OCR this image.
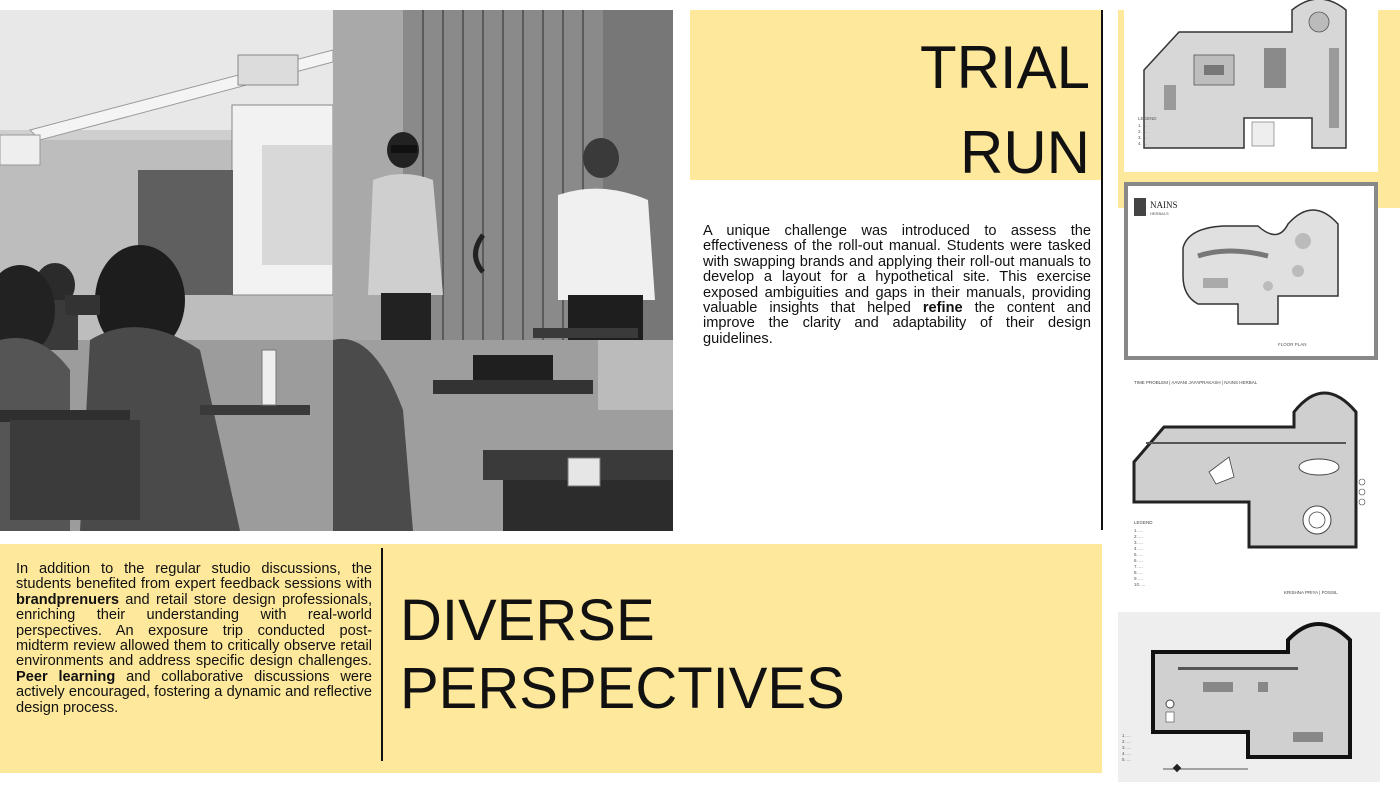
TRIAL
RUN
A unique challenge was introduced to assess the effectiveness of the roll-out manual. Students were tasked with swapping brands and applying their roll-out manuals to develop a layout for a hypothetical site. This exercise exposed ambiguities and gaps in their manuals, providing valuable insights that helped refine the content and improve the clarity and adaptability of their design guidelines.
In addition to the regular studio discussions, the students benefited from expert feedback sessions with brandprenuers and retail store design professionals, enriching their understanding with real-world perspectives. An exposure trip conducted post-midterm review allowed them to critically observe retail environments and address specific design challenges. Peer learning and collaborative discussions were actively encouraged, fostering a dynamic and reflective design process.
DIVERSE
PERSPECTIVES
LEGEND
1. ...
2. ...
3. ...
4. ...
NAINS
HERBALS
FLOOR PLAN
TIME PROBLEM | AAVANI JAYAPRAKASH | NAINS HERBAL
LEGEND
1. ...
2. ...
3. ...
4. ...
5. ...
6. ...
7. ...
8. ...
9. ...
10. ...
KRISHNA PRIYA | FOSSIL
1. ...
2. ...
3. ...
4. ...
5. ...
